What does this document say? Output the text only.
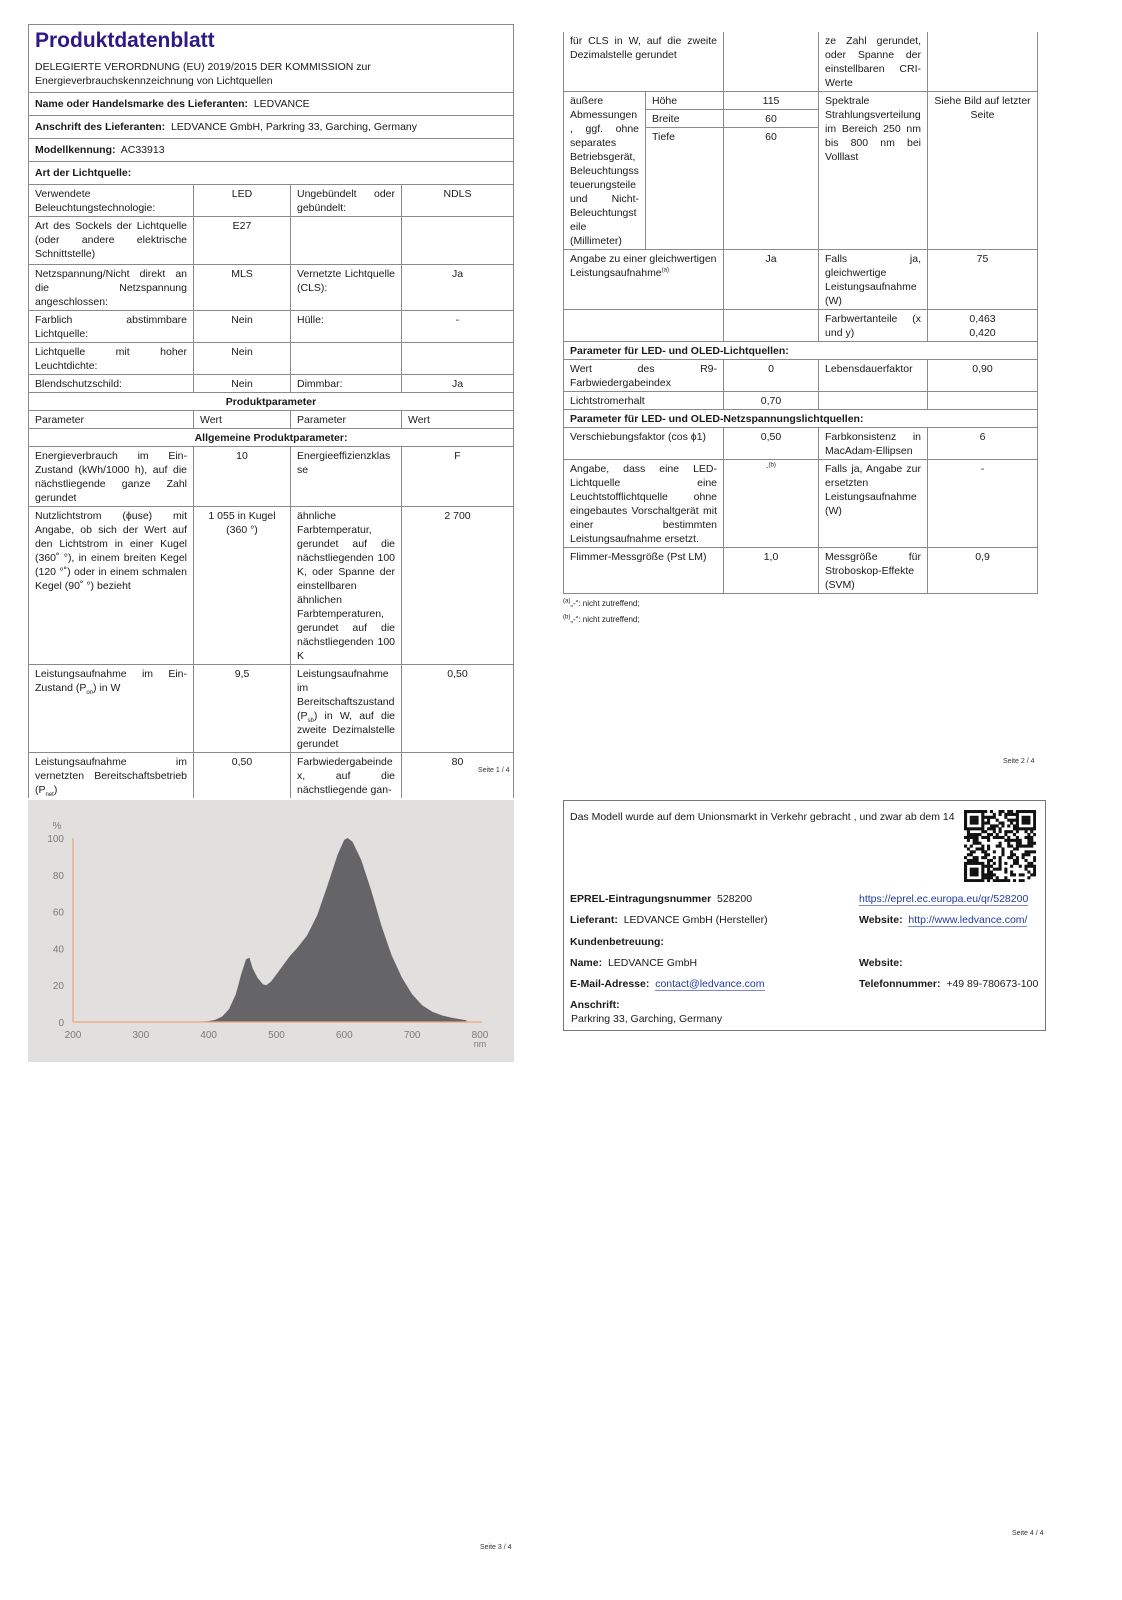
Produktdatenblatt
DELEGIERTE VERORDNUNG (EU) 2019/2015 DER KOMMISSION zur
Energieverbrauchskennzeichnung von Lichtquellen			

Name oder Handelsmarke des Lieferanten: LEDVANCE			
Anschrift des Lieferanten: LEDVANCE GmbH, Parkring 33, Garching, Germany			
Modellkennung: AC33913			
Art der Lichtquelle:			
Verwendete Beleuchtungstechnologie:	LED	Ungebündelt oder gebündelt:	NDLS
Art des Sockels der Lichtquelle (oder andere elektrische Schnittstelle)	E27		
Netzspannung/Nicht direkt an die Netzspannung angeschlossen:	MLS	Vernetzte Lichtquelle (CLS):	Ja
Farblich abstimmbare Lichtquelle:	Nein	Hülle:	-
Lichtquelle mit hoher Leuchtdichte:	Nein		
Blendschutzschild:	Nein	Dimmbar:	Ja
Produktparameter			
Parameter	Wert	Parameter	Wert
Allgemeine Produktparameter:			
Energieverbrauch im Ein-Zustand (kWh/1000 h), auf die nächstliegende ganze Zahl gerundet	10	Energieeffizienzklasse	F
Nutzlichtstrom (ϕuse) mit Angabe, ob sich der Wert auf den Lichtstrom in einer Kugel (360˚ °), in einem breiten Kegel (120 °˚) oder in einem schmalen Kegel (90˚ °) bezieht	1 055 in Kugel (360 °)	ähnliche Farbtemperatur, gerundet auf die nächstliegenden 100 K, oder Spanne der einstellbaren ähnlichen Farbtemperaturen, gerundet auf die nächstliegenden 100 K	2 700
Leistungsaufnahme im Ein-Zustand $(P_{on})$ in W	9,5	Leistungsaufnahme im Bereitschaftszustand $(P_{sb})$ in W, auf die zweite Dezimalstelle gerundet	0,50
Leistungsaufnahme im vernetzten Bereitschaftsbetrieb $(P_{net})$	0,50	Farbwiedergabeindex, auf die nächstliegende gan-	80
Seite 1 / 4
für CLS in W, auf die zweite Dezimalstelle gerundet			ze Zahl gerundet, oder Spanne der einstellbaren CRI-Werte	
äußere Abmessungen, ggf. ohne separates Betriebsgerät, Beleuchtungssteuerungsteile und Nicht-Beleuchtungsteile (Millimeter)	Höhe	115	Spektrale Strahlungsverteilung im Bereich 250 nm bis 800 nm bei Volllast	Siehe Bild auf letzter Seite
	Breite	60		
	Tiefe	60		
Angabe zu einer gleichwertigen Leistungsaufnahme$^{(a)}$		Ja	Falls ja, gleichwertige Leistungsaufnahme (W)	75
			Farbwertanteile (x und y)	0,463
0,420

Parameter für LED- und OLED-Lichtquellen:				
Wert des R9-Farbwiedergabeindex		0	Lebensdauerfaktor	0,90
Lichtstromerhalt		0,70		
Parameter für LED- und OLED-Netzspannungslichtquellen:				
Verschiebungsfaktor (cos ϕ1)		0,50	Farbkonsistenz in MacAdam-Ellipsen	6
Angabe, dass eine LED-Lichtquelle eine Leuchtstofflichtquelle ohne eingebautes Vorschaltgerät mit einer bestimmten Leistungsaufnahme ersetzt.		-$^{(b)}$	Falls ja, Angabe zur ersetzten Leistungsaufnahme (W)	-
Flimmer-Messgröße (Pst LM)		1,0	Messgröße für Stroboskop-Effekte (SVM)	0,9
$^{(a)}$„-“: nicht zutreffend;
$^{(b)}$„-“: nicht zutreffend;
Seite 2 / 4
200	300	400	500	600	700	800
0
20
40
60
80
100
%
nm
Seite 3 / 4
Das Modell wurde auf dem Unionsmarkt in Verkehr gebracht , und zwar ab dem 14
EPREL-Eintragungsnummer 528200	https://eprel.ec.europa.eu/qr/528200
Lieferant: LEDVANCE GmbH (Hersteller)	Website: http://www.ledvance.com/
Kundenbetreuung:
Name: LEDVANCE GmbH	Website:
E-Mail-Adresse: contact@ledvance.com	Telefonnummer: +49 89-780673-100
Anschrift:
Parkring 33, Garching, Germany
Seite 4 / 4
